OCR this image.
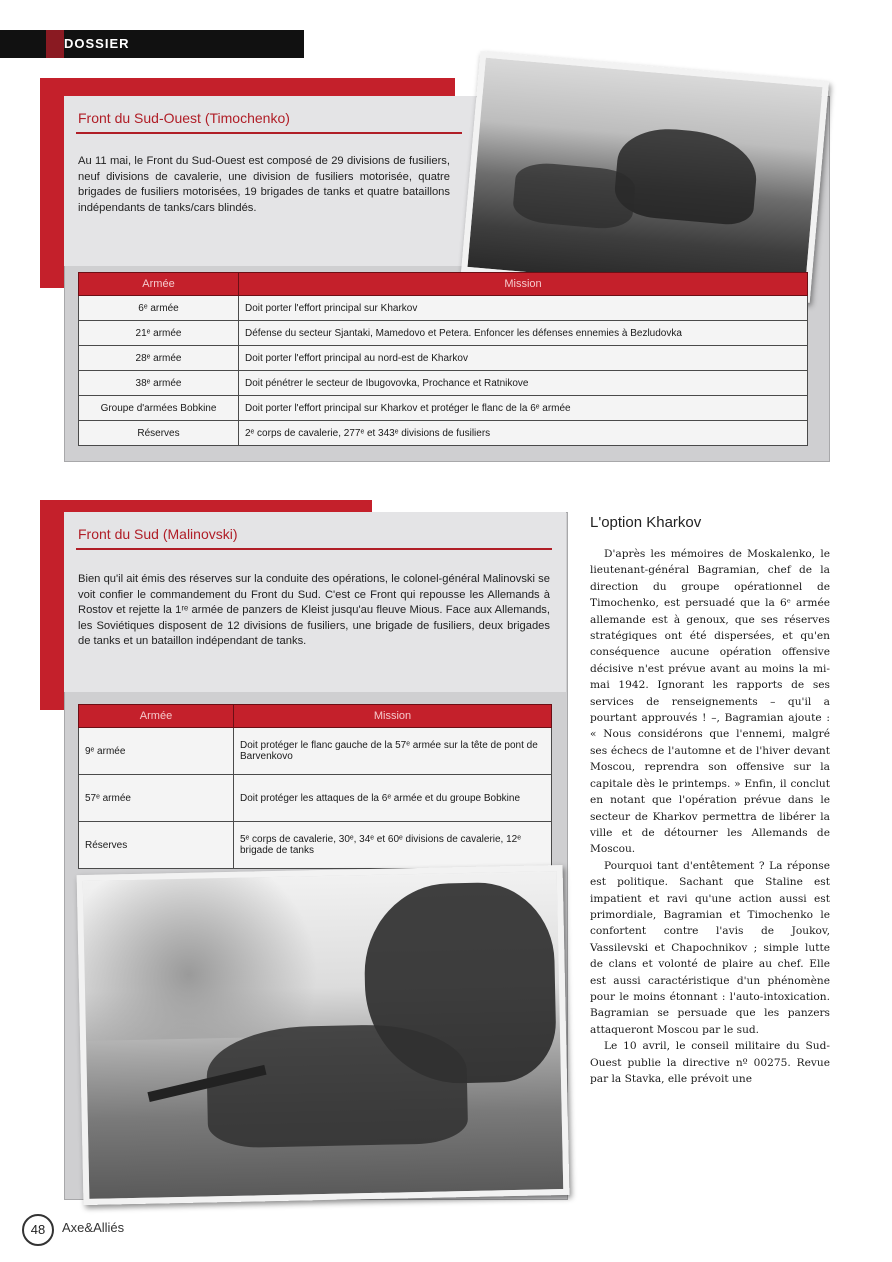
DOSSIER
Front du Sud-Ouest (Timochenko)
Au 11 mai, le Front du Sud-Ouest est composé de 29 divisions de fusiliers, neuf divisions de cavalerie, une division de fusiliers motorisée, quatre brigades de fusiliers motorisées, 19 brigades de tanks et quatre bataillons indépendants de tanks/cars blindés.
Armée	Mission
6ᵉ armée	Doit porter l'effort principal sur Kharkov
21ᵉ armée	Défense du secteur Sjantaki, Mamedovo et Petera. Enfoncer les défenses ennemies à Bezludovka
28ᵉ armée	Doit porter l'effort principal au nord-est de Kharkov
38ᵉ armée	Doit pénétrer le secteur de Ibugovovka, Prochance et Ratnikove
Groupe d'armées Bobkine	Doit porter l'effort principal sur Kharkov et protéger le flanc de la 6ᵉ armée
Réserves	2ᵉ corps de cavalerie, 277ᵉ et 343ᵉ divisions de fusiliers
Front du Sud (Malinovski)
Bien qu'il ait émis des réserves sur la conduite des opérations, le colonel-général Malinovski se voit confier le commandement du Front du Sud. C'est ce Front qui repousse les Allemands à Rostov et rejette la 1ʳᵉ armée de panzers de Kleist jusqu'au fleuve Mious. Face aux Allemands, les Soviétiques disposent de 12 divisions de fusiliers, une brigade de fusiliers, deux brigades de tanks et un bataillon indépendant de tanks.
Armée	Mission
9ᵉ armée	Doit protéger le flanc gauche de la 57ᵉ armée sur la tête de pont de Barvenkovo
57ᵉ armée	Doit protéger les attaques de la 6ᵉ armée et du groupe Bobkine
Réserves	5ᵉ corps de cavalerie, 30ᵉ, 34ᵉ et 60ᵉ divisions de cavalerie, 12ᵉ brigade de tanks
L'option Kharkov

D'après les mémoires de Moskalenko, le lieutenant-général Bagramian, chef de la direction du groupe opérationnel de Timochenko, est persuadé que la 6ᵉ armée allemande est à genoux, que ses réserves stratégiques ont été dispersées, et qu'en conséquence aucune opération offensive décisive n'est prévue avant au moins la mi-mai 1942. Ignorant les rapports de ses services de renseignements – qu'il a pourtant approuvés ! –, Bagramian ajoute : « Nous considérons que l'ennemi, malgré ses échecs de l'automne et de l'hiver devant Moscou, reprendra son offensive sur la capitale dès le printemps. » Enfin, il conclut en notant que l'opération prévue dans le secteur de Kharkov permettra de libérer la ville et de détourner les Allemands de Moscou.

Pourquoi tant d'entêtement ? La réponse est politique. Sachant que Staline est impatient et ravi qu'une action aussi est primordiale, Bagramian et Timochenko le confortent contre l'avis de Joukov, Vassilevski et Chapochnikov ; simple lutte de clans et volonté de plaire au chef. Elle est aussi caractéristique d'un phénomène pour le moins étonnant : l'auto-intoxication. Bagramian se persuade que les panzers attaqueront Moscou par le sud.

Le 10 avril, le conseil militaire du Sud-Ouest publie la directive nº 00275. Revue par la Stavka, elle prévoit une

48	Axe&Alliés
